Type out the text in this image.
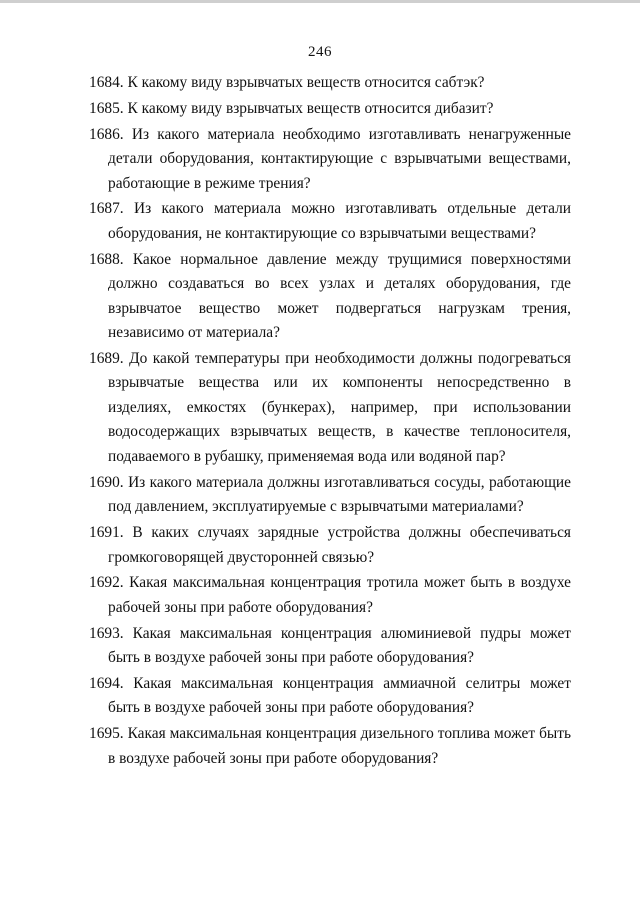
246
1684. К какому виду взрывчатых веществ относится сабтэк?
1685. К какому виду взрывчатых веществ относится дибазит?
1686. Из какого материала необходимо изготавливать ненагруженные детали оборудования, контактирующие с взрывчатыми веществами, работающие в режиме трения?
1687. Из какого материала можно изготавливать отдельные детали оборудования, не контактирующие со взрывчатыми веществами?
1688. Какое нормальное давление между трущимися поверхностями должно создаваться во всех узлах и деталях оборудования, где взрывчатое вещество может подвергаться нагрузкам трения, независимо от материала?
1689. До какой температуры при необходимости должны подогреваться взрывчатые вещества или их компоненты непосредственно в изделиях, емкостях (бункерах), например, при использовании водосодержащих взрывчатых веществ, в качестве теплоносителя, подаваемого в рубашку, применяемая вода или водяной пар?
1690. Из какого материала должны изготавливаться сосуды, работающие под давлением, эксплуатируемые с взрывчатыми материалами?
1691. В каких случаях зарядные устройства должны обеспечиваться громкоговорящей двусторонней связью?
1692. Какая максимальная концентрация тротила может быть в воздухе рабочей зоны при работе оборудования?
1693. Какая максимальная концентрация алюминиевой пудры может быть в воздухе рабочей зоны при работе оборудования?
1694. Какая максимальная концентрация аммиачной селитры может быть в воздухе рабочей зоны при работе оборудования?
1695. Какая максимальная концентрация дизельного топлива может быть в воздухе рабочей зоны при работе оборудования?
